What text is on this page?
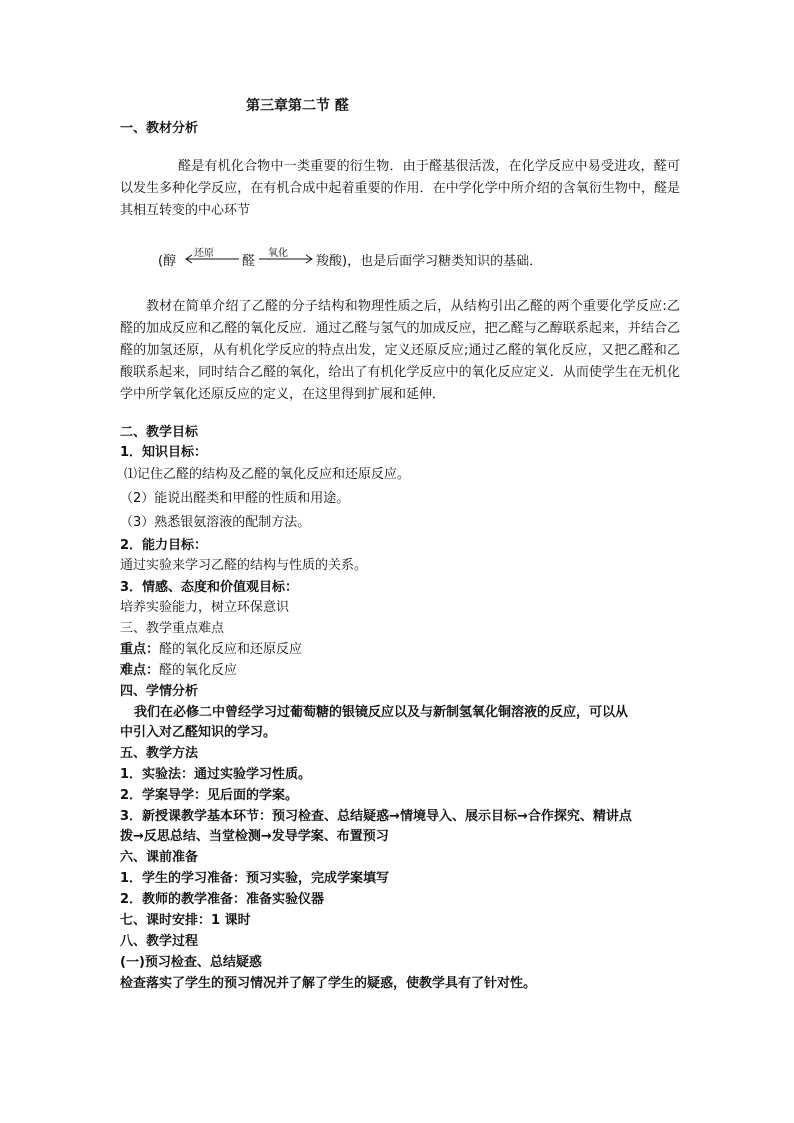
第三章第二节 醛
一、教材分析
醛是有机化合物中一类重要的衍生物．由于醛基很活泼，在化学反应中易受进攻，醛可以发生多种化学反应，在有机合成中起着重要的作用．在中学化学中所介绍的含氧衍生物中，醛是其相互转变的中心环节
(醇
还原
醛
氧化
羧酸)，也是后面学习糖类知识的基础．
教材在简单介绍了乙醛的分子结构和物理性质之后，从结构引出乙醛的两个重要化学反应:乙醛的加成反应和乙醛的氧化反应．通过乙醛与氢气的加成反应，把乙醛与乙醇联系起来，并结合乙醛的加氢还原，从有机化学反应的特点出发，定义还原反应;通过乙醛的氧化反应，又把乙醛和乙酸联系起来，同时结合乙醛的氧化，给出了有机化学反应中的氧化反应定义．从而使学生在无机化学中所学氧化还原反应的定义，在这里得到扩展和延伸．
二、教学目标
1．知识目标：
⑴记住乙醛的结构及乙醛的氧化反应和还原反应。
（2）能说出醛类和甲醛的性质和用途。
（3）熟悉银氨溶液的配制方法。
2．能力目标：
通过实验来学习乙醛的结构与性质的关系。
3．情感、态度和价值观目标：
培养实验能力，树立环保意识
三、教学重点难点
重点：醛的氧化反应和还原反应
难点：醛的氧化反应
四、学情分析
我们在必修二中曾经学习过葡萄糖的银镜反应以及与新制氢氧化铜溶液的反应，可以从
中引入对乙醛知识的学习。
五、教学方法
1．实验法：通过实验学习性质。
2．学案导学：见后面的学案。
3．新授课教学基本环节：预习检查、总结疑惑→情境导入、展示目标→合作探究、精讲点
拨→反思总结、当堂检测→发导学案、布置预习
六、课前准备
1．学生的学习准备：预习实验，完成学案填写
2．教师的教学准备：准备实验仪器
七、课时安排：1 课时
八、教学过程
(一)预习检查、总结疑惑
检查落实了学生的预习情况并了解了学生的疑惑，使教学具有了针对性。
